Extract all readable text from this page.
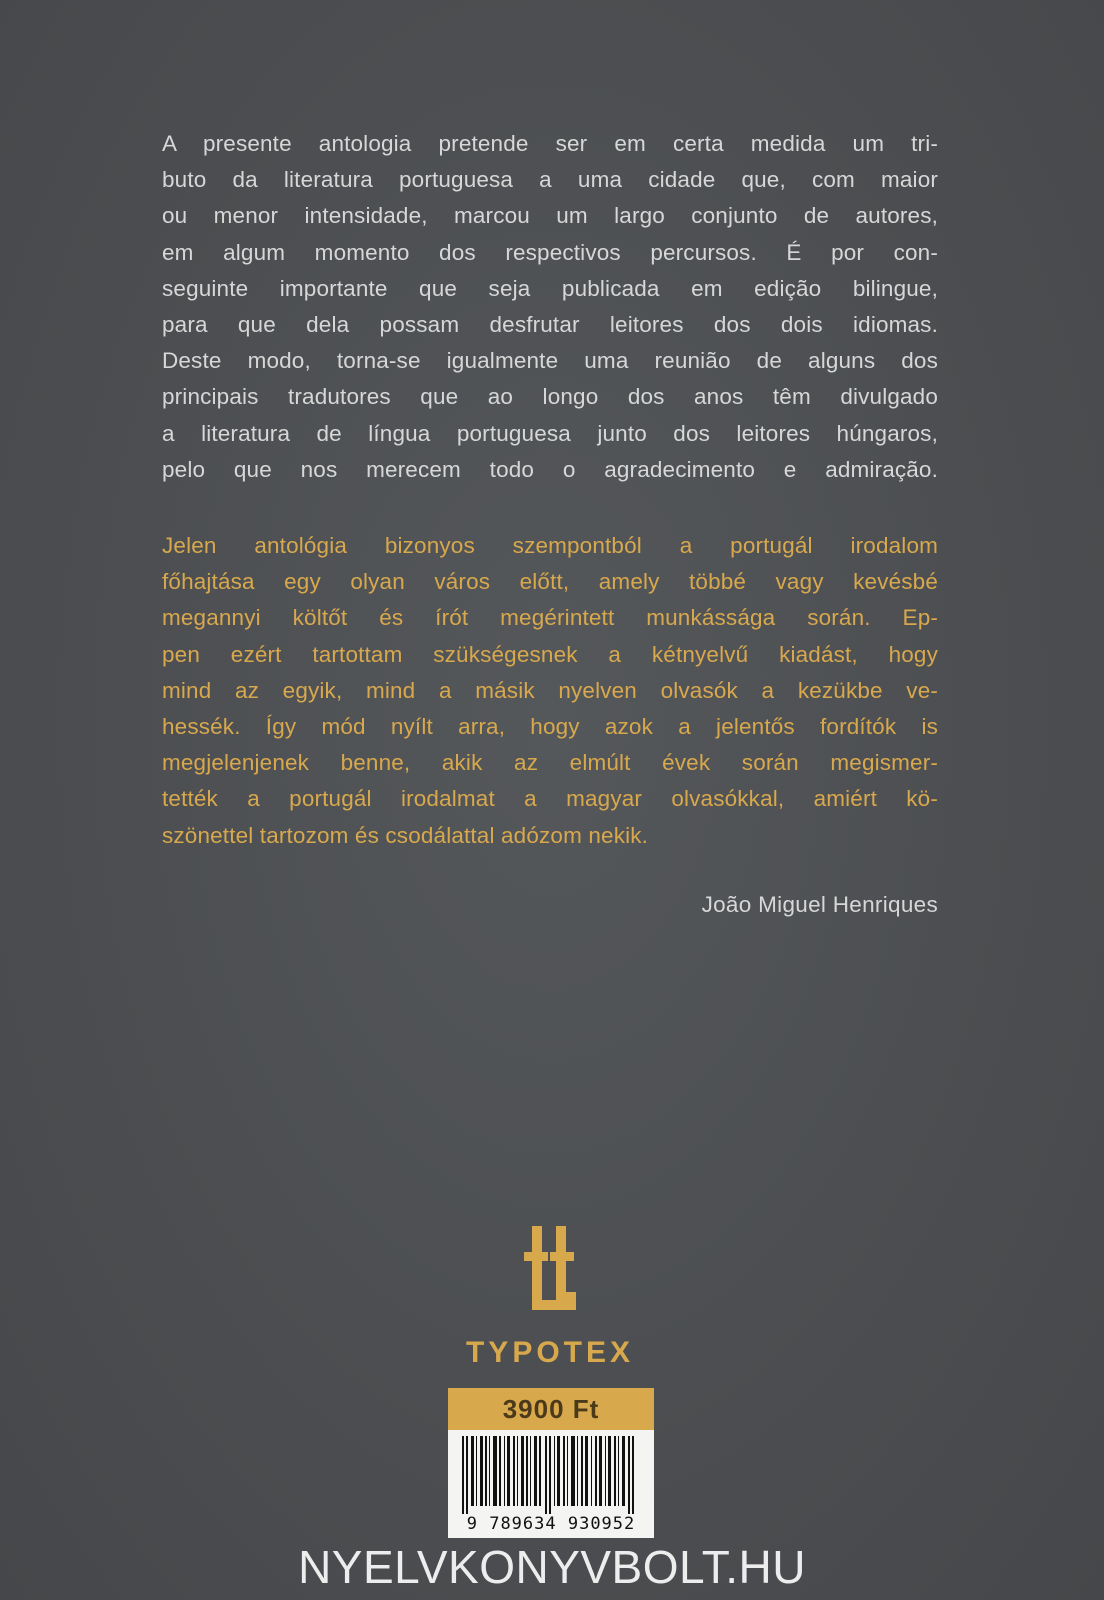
A presente antologia pretende ser em certa medida um tri-
buto da literatura portuguesa a uma cidade que, com maior
ou menor intensidade, marcou um largo conjunto de autores,
em algum momento dos respectivos percursos. É por con-
seguinte importante que seja publicada em edição bilingue,
para que dela possam desfrutar leitores dos dois idiomas.
Deste modo, torna-se igualmente uma reunião de alguns dos
principais tradutores que ao longo dos anos têm divulgado
a literatura de língua portuguesa junto dos leitores húngaros,
pelo que nos merecem todo o agradecimento e admiração.
Jelen antológia bizonyos szempontból a portugál irodalom
főhajtása egy olyan város előtt, amely többé vagy kevésbé
megannyi költőt és írót megérintett munkássága során. Ep-
pen ezért tartottam szükségesnek a kétnyelvű kiadást, hogy
mind az egyik, mind a másik nyelven olvasók a kezükbe ve-
hessék. Így mód nyílt arra, hogy azok a jelentős fordítók is
megjelenjenek benne, akik az elmúlt évek során megismer-
tették a portugál irodalmat a magyar olvasókkal, amiért kö-
szönettel tartozom és csodálattal adózom nekik.
João Miguel Henriques
TYPOTEX
3900 Ft
9 789634 930952
NYELVKONYVBOLT.HU
